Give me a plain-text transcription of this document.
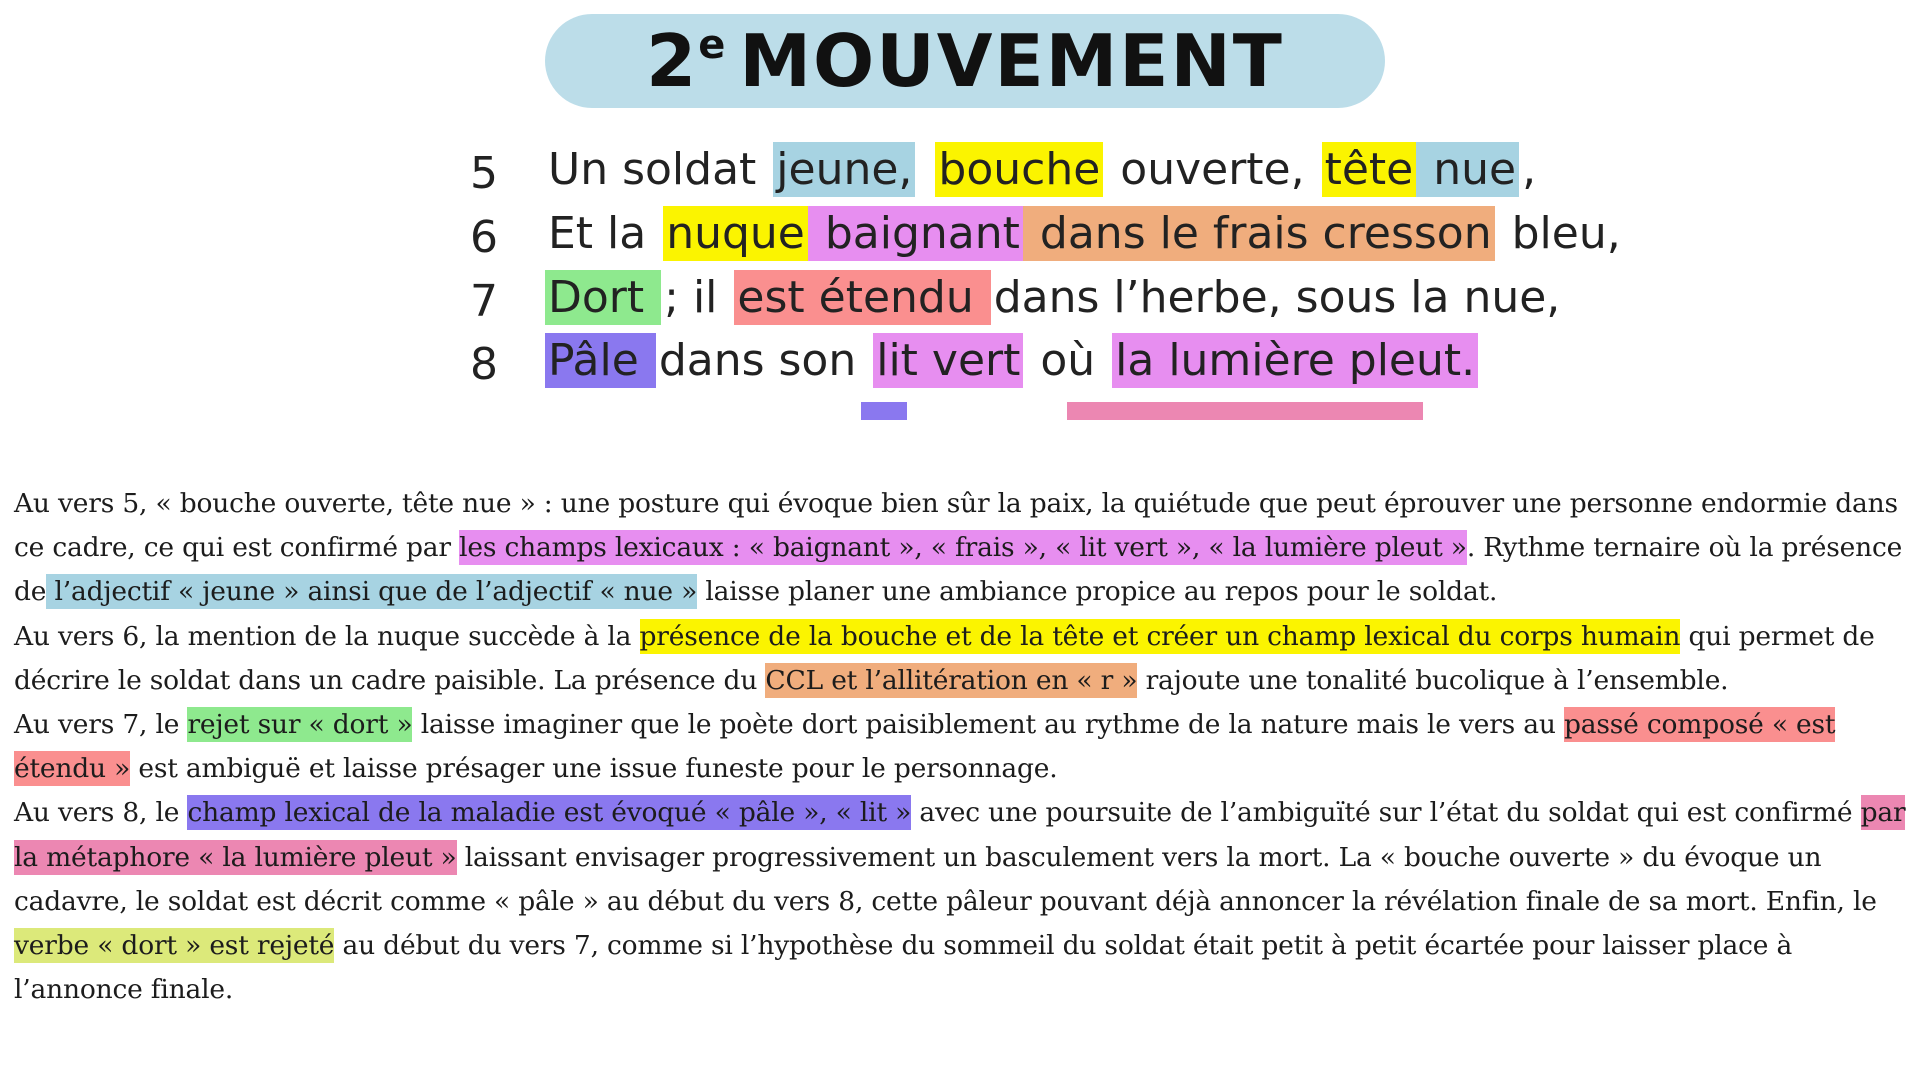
2e MOUVEMENT
5 Un soldat jeune, bouche ouverte, tête nue ,
6 Et la nuque baignant dans le frais cresson bleu,
7 Dort ; il est étendu dans l’herbe, sous la nue,
8 Pâle dans son lit vert où la lumière pleut.

Au vers 5, « bouche ouverte, tête nue » : une posture qui évoque bien sûr la paix, la quiétude que peut éprouver une personne endormie dans ce cadre, ce qui est confirmé par les champs lexicaux : « baignant », « frais », « lit vert », « la lumière pleut ». Rythme ternaire où la présence de l’adjectif « jeune » ainsi que de l’adjectif « nue » laisse planer une ambiance propice au repos pour le soldat.

Au vers 6, la mention de la nuque succède à la présence de la bouche et de la tête et créer un champ lexical du corps humain qui permet de décrire le soldat dans un cadre paisible. La présence du CCL et l’allitération en « r » rajoute une tonalité bucolique à l’ensemble.

Au vers 7, le rejet sur « dort » laisse imaginer que le poète dort paisiblement au rythme de la nature mais le vers au passé composé « est étendu » est ambiguë et laisse présager une issue funeste pour le personnage.

Au vers 8, le champ lexical de la maladie est évoqué « pâle », « lit » avec une poursuite de l’ambiguïté sur l’état du soldat qui est confirmé par la métaphore « la lumière pleut » laissant envisager progressivement un basculement vers la mort. La « bouche ouverte » du évoque un cadavre, le soldat est décrit comme « pâle » au début du vers 8, cette pâleur pouvant déjà annoncer la révélation finale de sa mort. Enfin, le verbe « dort » est rejeté au début du vers 7, comme si l’hypothèse du sommeil du soldat était petit à petit écartée pour laisser place à l’annonce finale.
